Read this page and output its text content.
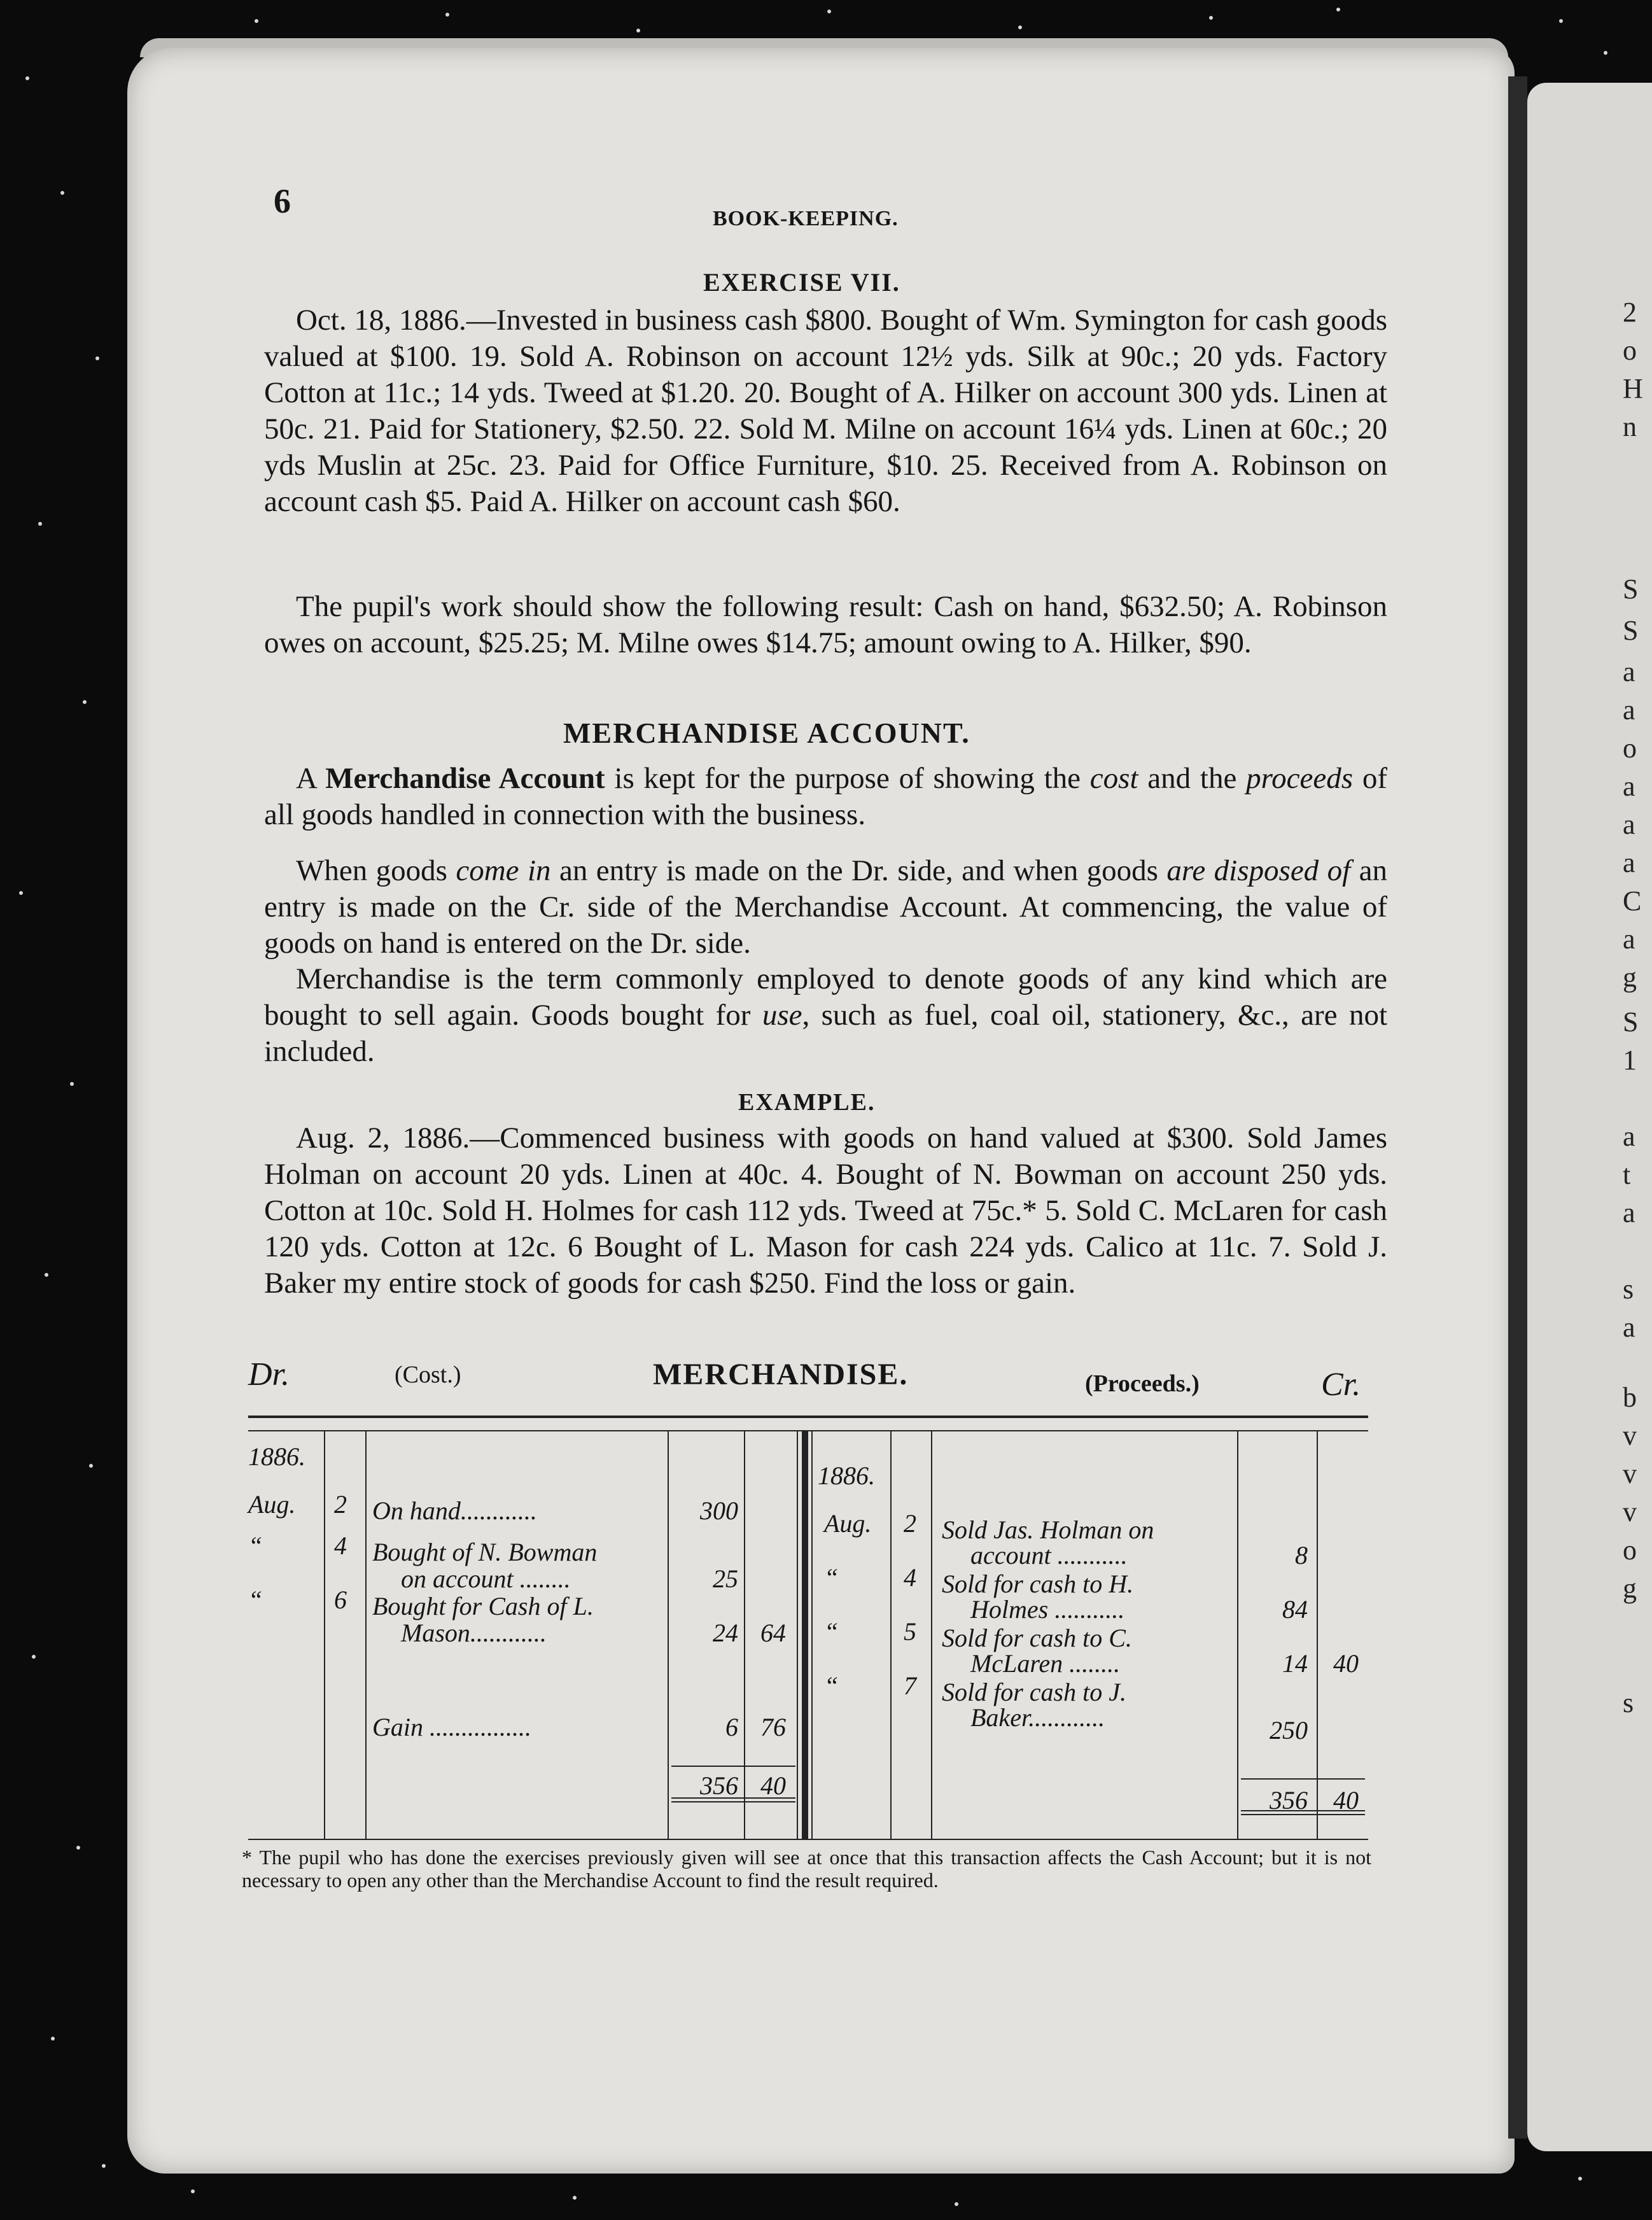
2
o
H
n
S
S
a
a
o
a
a
a
C
a
g
S
1
a
t
a
s
a
b
v
v
v
o
g
s
6	BOOK-KEEPING.
EXERCISE VII.

Oct. 18, 1886.—Invested in business cash $800. Bought of Wm. Symington for cash goods valued at $100. 19. Sold A. Robinson on account 12½ yds. Silk at 90c.; 20 yds. Factory Cotton at 11c.; 14 yds. Tweed at $1.20. 20. Bought of A. Hilker on account 300 yds. Linen at 50c. 21. Paid for Stationery, $2.50. 22. Sold M. Milne on account 16¼ yds. Linen at 60c.; 20 yds Muslin at 25c. 23. Paid for Office Furniture, $10. 25. Received from A. Robinson on account cash $5. Paid A. Hilker on account cash $60.

The pupil's work should show the following result: Cash on hand, $632.50; A. Robinson owes on account, $25.25; M. Milne owes $14.75; amount owing to A. Hilker, $90.

MERCHANDISE ACCOUNT.

A Merchandise Account is kept for the purpose of showing the cost and the proceeds of all goods handled in connection with the business.

When goods come in an entry is made on the Dr. side, and when goods are disposed of an entry is made on the Cr. side of the Merchandise Account. At commencing, the value of goods on hand is entered on the Dr. side.

Merchandise is the term commonly employed to denote goods of any kind which are bought to sell again. Goods bought for use, such as fuel, coal oil, stationery, &c., are not included.

EXAMPLE.

Aug. 2, 1886.—Commenced business with goods on hand valued at $300. Sold James Holman on account 20 yds. Linen at 40c. 4. Bought of N. Bowman on account 250 yds. Cotton at 10c. Sold H. Holmes for cash 112 yds. Tweed at 75c.* 5. Sold C. McLaren for cash 120 yds. Cotton at 12c. 6 Bought of L. Mason for cash 224 yds. Calico at 11c. 7. Sold J. Baker my entire stock of goods for cash $250. Find the loss or gain.

Dr.	(Cost.)	MERCHANDISE.	(Proceeds.)	Cr.
1886.
1886.
Aug. 2 On hand............	300
“	4 Bought of N. Bowman
on account ........	25
“	6 Bought for Cash of L.
Mason............	24 64
Gain ................	6 76
356 40
Aug. 2 Sold Jas. Holman on
account ...........	8
“	4 Sold for cash to H.
Holmes ...........	84
“	5 Sold for cash to C.
McLaren ........	14 40
“	7 Sold for cash to J.
Baker............	250
356 40

* The pupil who has done the exercises previously given will see at once that this transaction affects the Cash Account; but it is not necessary to open any other than the Merchandise Account to find the result required.
